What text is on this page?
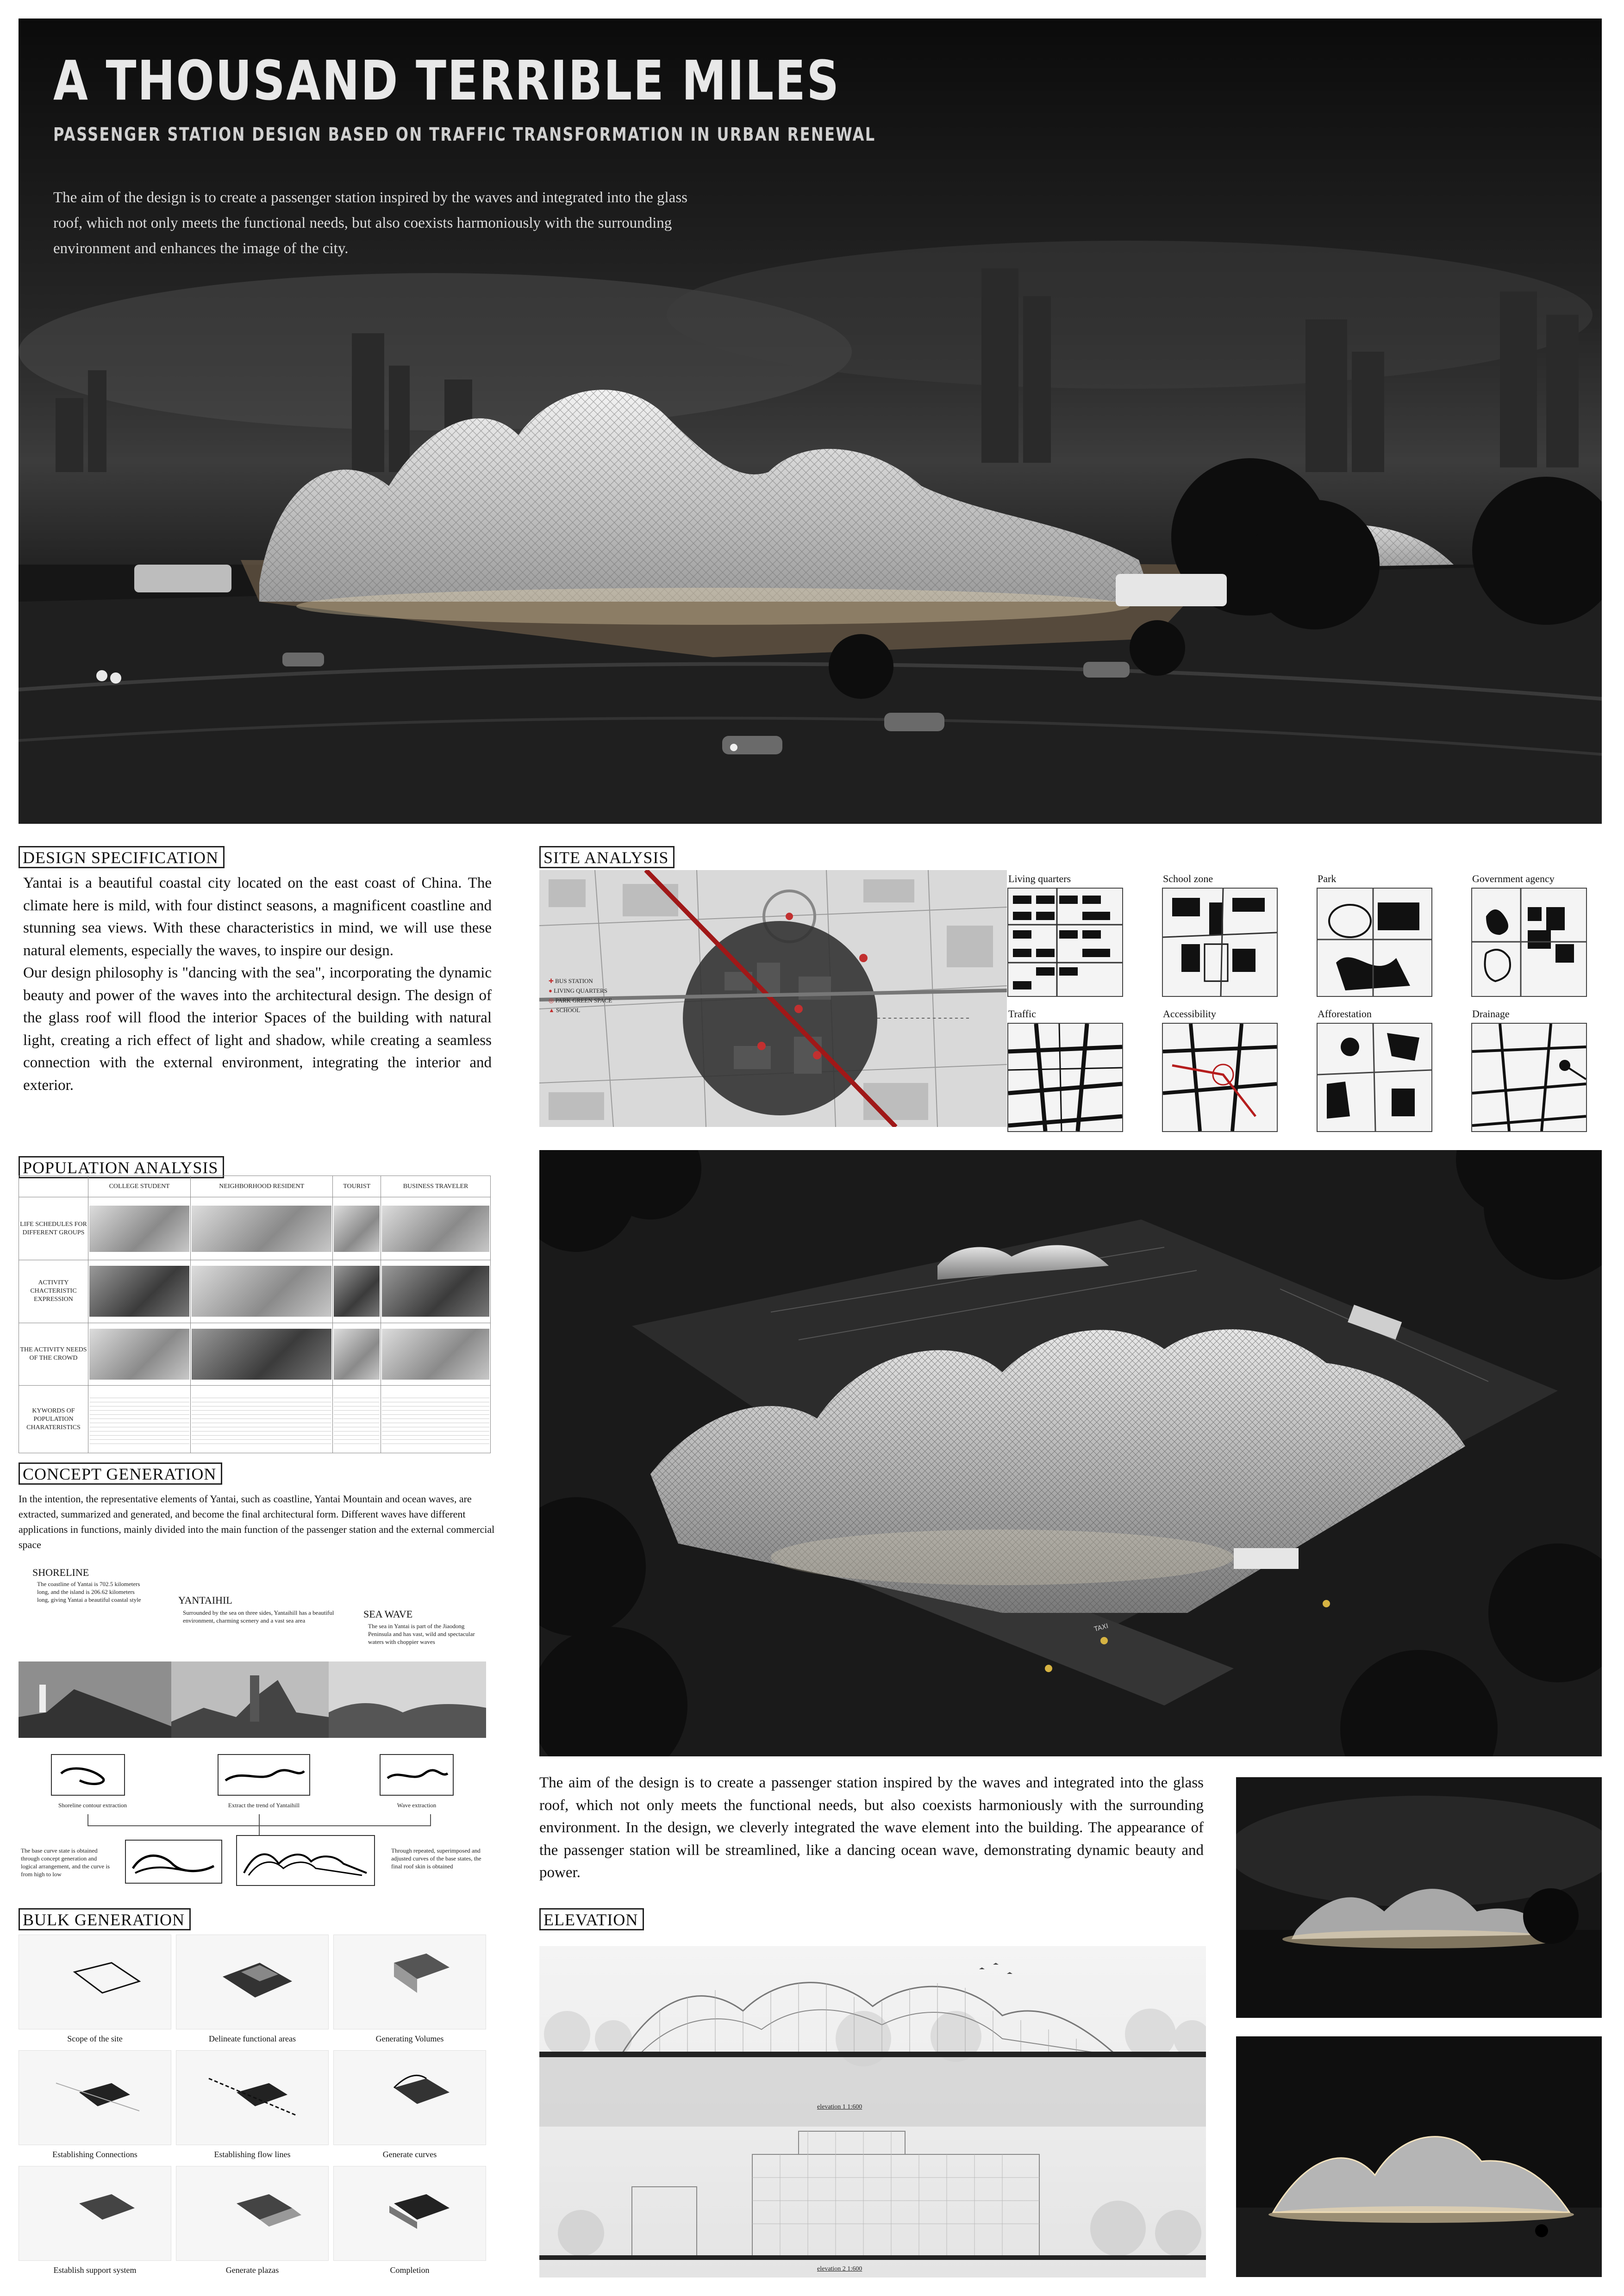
A THOUSAND TERRIBLE MILES
PASSENGER STATION DESIGN BASED ON TRAFFIC TRANSFORMATION IN URBAN RENEWAL
The aim of the design is to create a passenger station inspired by the waves and integrated into the glass roof, which not only meets the functional needs, but also coexists harmoniously with the surrounding environment and enhances the image of the city.
DESIGN SPECIFICATION

Yantai is a beautiful coastal city located on the east coast of China. The climate here is mild, with four distinct seasons, a magnificent coastline and stunning sea views. With these characteristics in mind, we will use these natural elements, especially the waves, to inspire our design.

Our design philosophy is "dancing with the sea", incorporating the dynamic beauty and power of the waves into the architectural design. The design of the glass roof will flood the interior Spaces of the building with natural light, creating a rich effect of light and shadow, while creating a seamless connection with the external environment, integrating the interior and exterior.

SITE ANALYSIS
✚ BUS STATION
● LIVING QUARTERS
◎ PARK GREEN SPACE
▲ SCHOOL
Living quarters	School zone	Park	Government agency
Traffic	Accessibility	Afforestation	Drainage
POPULATION ANALYSIS
	COLLEGE STUDENT	NEIGHBORHOOD RESIDENT	TOURIST	BUSINESS TRAVELER
LIFE SCHEDULES FOR DIFFERENT GROUPS	

ACTIVITY CHACTERISTIC EXPRESSION	

THE ACTIVITY NEEDS OF THE CROWD	

KYWORDS OF POPULATION CHARATERISTICS	

CONCEPT GENERATION
In the intention, the representative elements of Yantai, such as coastline, Yantai Mountain and ocean waves, are extracted, summarized and generated, and become the final architectural form. Different waves have different applications in functions, mainly divided into the main function of the passenger station and the external commercial space
SHORELINE
The coastline of Yantai is 702.5 kilometers long, and the island is 206.62 kilometers long, giving Yantai a beautiful coastal style	YANTAIHIL
Surrounded by the sea on three sides, Yantaihill has a beautiful environment, charming scenery and a vast sea area
SEA WAVE
The sea in Yantai is part of the Jiaodong Peninsula and has vast, wild and spectacular waters with choppier waves
Shoreline contour extraction	Extract the trend of Yantaihill	Wave extraction
The base curve state is obtained through concept generation and logical arrangement, and the curve is from high to low
Through repeated, superimposed and adjusted curves of the base states, the final roof skin is obtained
BULK GENERATION
Scope of the site	Delineate functional areas	Generating Volumes
Establishing Connections	Establishing flow lines	Generate curves
Establish support system	Generate plazas	Completion
TAXI
The aim of the design is to create a passenger station inspired by the waves and integrated into the glass roof, which not only meets the functional needs, but also coexists harmoniously with the surrounding environment. In the design, we cleverly integrated the wave element into the building. The appearance of the passenger station will be streamlined, like a dancing ocean wave, demonstrating dynamic beauty and power.
ELEVATION
elevation 1 1:600
elevation 2 1:600
